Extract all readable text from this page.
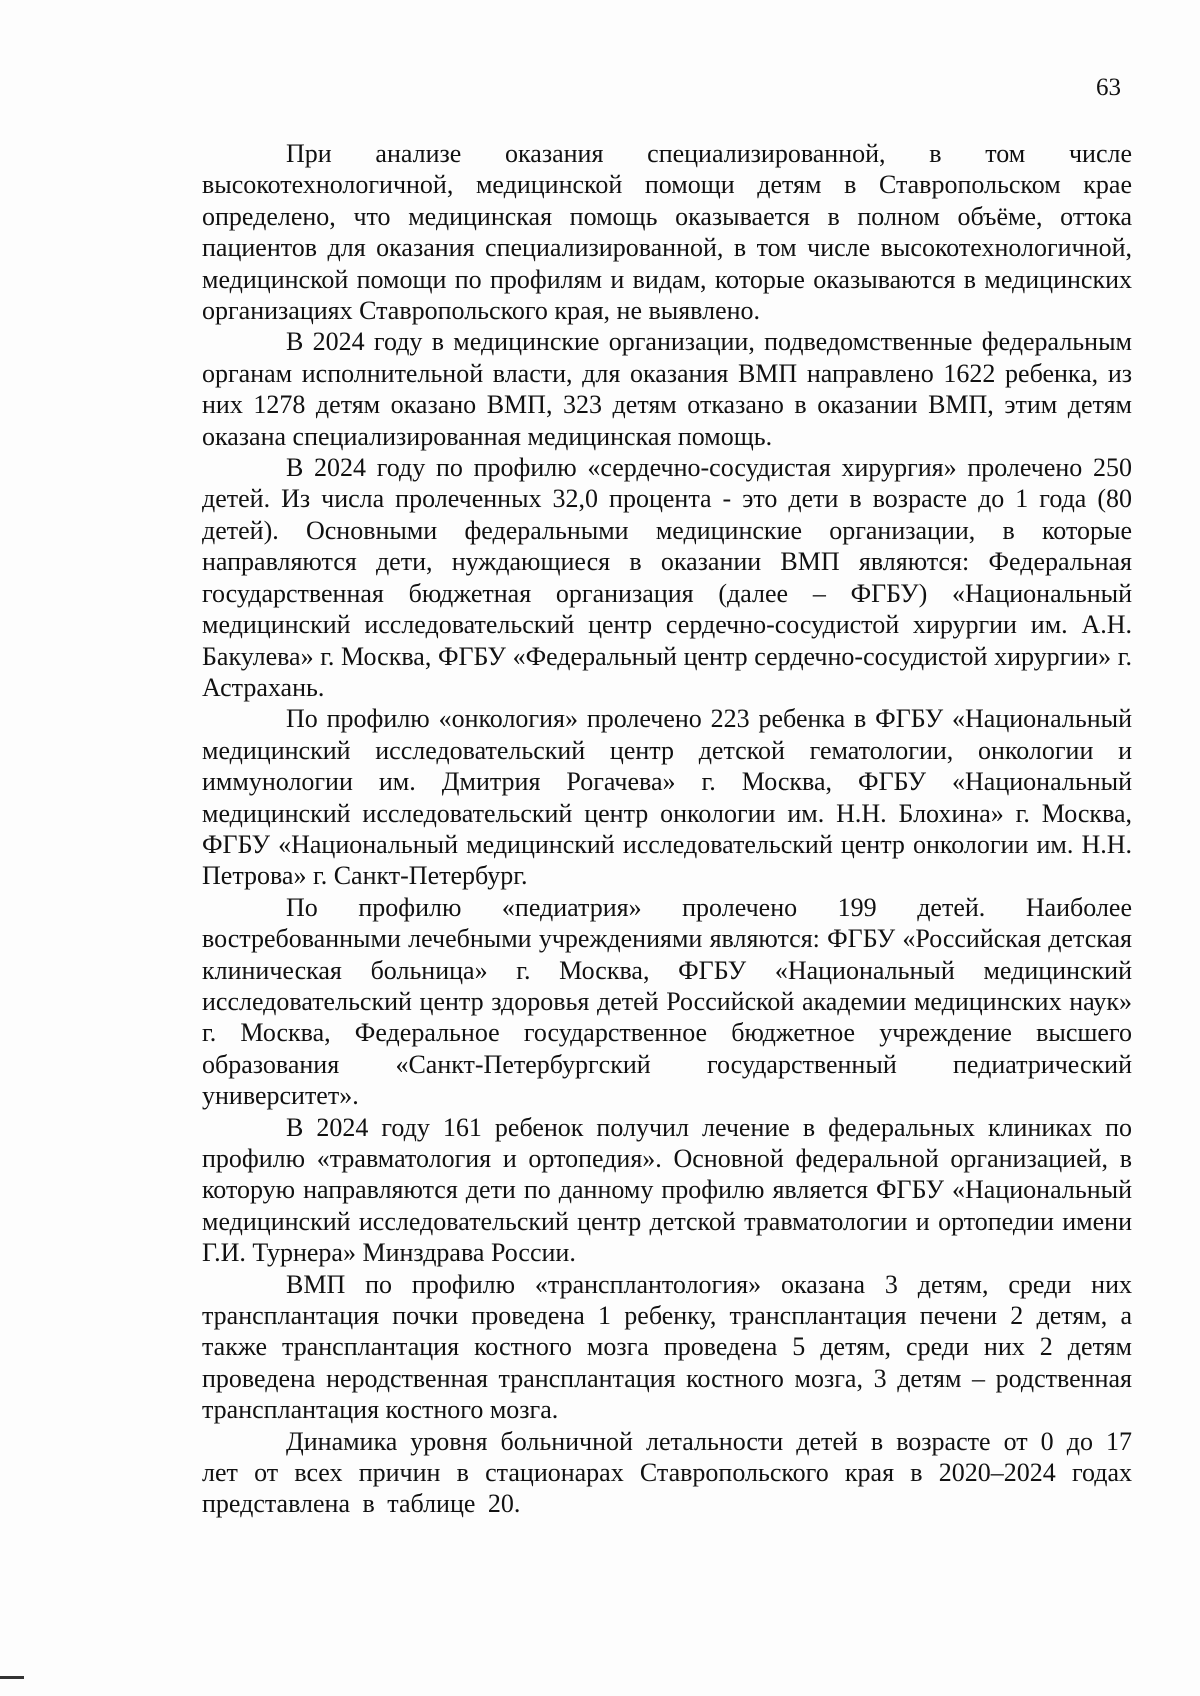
63

При анализе оказания специализированной, в том числе высокотехнологичной, медицинской помощи детям в Ставропольском крае определено, что медицинская помощь оказывается в полном объёме, оттока пациентов для оказания специализированной, в том числе высокотехнологичной, медицинской помощи по профилям и видам, которые оказываются в медицинских организациях Ставропольского края, не выявлено.

В 2024 году в медицинские организации, подведомственные федеральным органам исполнительной власти, для оказания ВМП направлено 1622 ребенка, из них 1278 детям оказано ВМП, 323 детям отказано в оказании ВМП, этим детям оказана специализированная медицинская помощь.

В 2024 году по профилю «сердечно-сосудистая хирургия» пролечено 250 детей. Из числа пролеченных 32,0 процента - это дети в возрасте до 1 года (80 детей). Основными федеральными медицинские организации, в которые направляются дети, нуждающиеся в оказании ВМП являются: Федеральная государственная бюджетная организация (далее – ФГБУ) «Национальный медицинский исследовательский центр сердечно-сосудистой хирургии им. А.Н. Бакулева» г. Москва, ФГБУ «Федеральный центр сердечно-сосудистой хирургии» г. Астрахань.

По профилю «онкология» пролечено 223 ребенка в ФГБУ «Национальный медицинский исследовательский центр детской гематологии, онкологии и иммунологии им. Дмитрия Рогачева» г. Москва, ФГБУ «Национальный медицинский исследовательский центр онкологии им. Н.Н. Блохина» г. Москва, ФГБУ «Национальный медицинский исследовательский центр онкологии им. Н.Н. Петрова» г. Санкт-Петербург.

По профилю «педиатрия» пролечено 199 детей. Наиболее востребованными лечебными учреждениями являются: ФГБУ «Российская детская клиническая больница» г. Москва, ФГБУ «Национальный медицинский исследовательский центр здоровья детей Российской академии медицинских наук» г. Москва, Федеральное государственное бюджетное учреждение высшего образования «Санкт-Петербургский государственный педиатрический университет».

В 2024 году 161 ребенок получил лечение в федеральных клиниках по профилю «травматология и ортопедия». Основной федеральной организацией, в которую направляются дети по данному профилю является ФГБУ «Национальный медицинский исследовательский центр детской травматологии и ортопедии имени Г.И. Турнера» Минздрава России.

ВМП по профилю «трансплантология» оказана 3 детям, среди них трансплантация почки проведена 1 ребенку, трансплантация печени 2 детям, а также трансплантация костного мозга проведена 5 детям, среди них 2 детям проведена неродственная трансплантация костного мозга, 3 детям – родственная трансплантация костного мозга.

Динамика уровня больничной летальности детей в возрасте от 0 до 17 лет от всех причин в стационарах Ставропольского края в 2020–2024 годах представлена в таблице 20.
